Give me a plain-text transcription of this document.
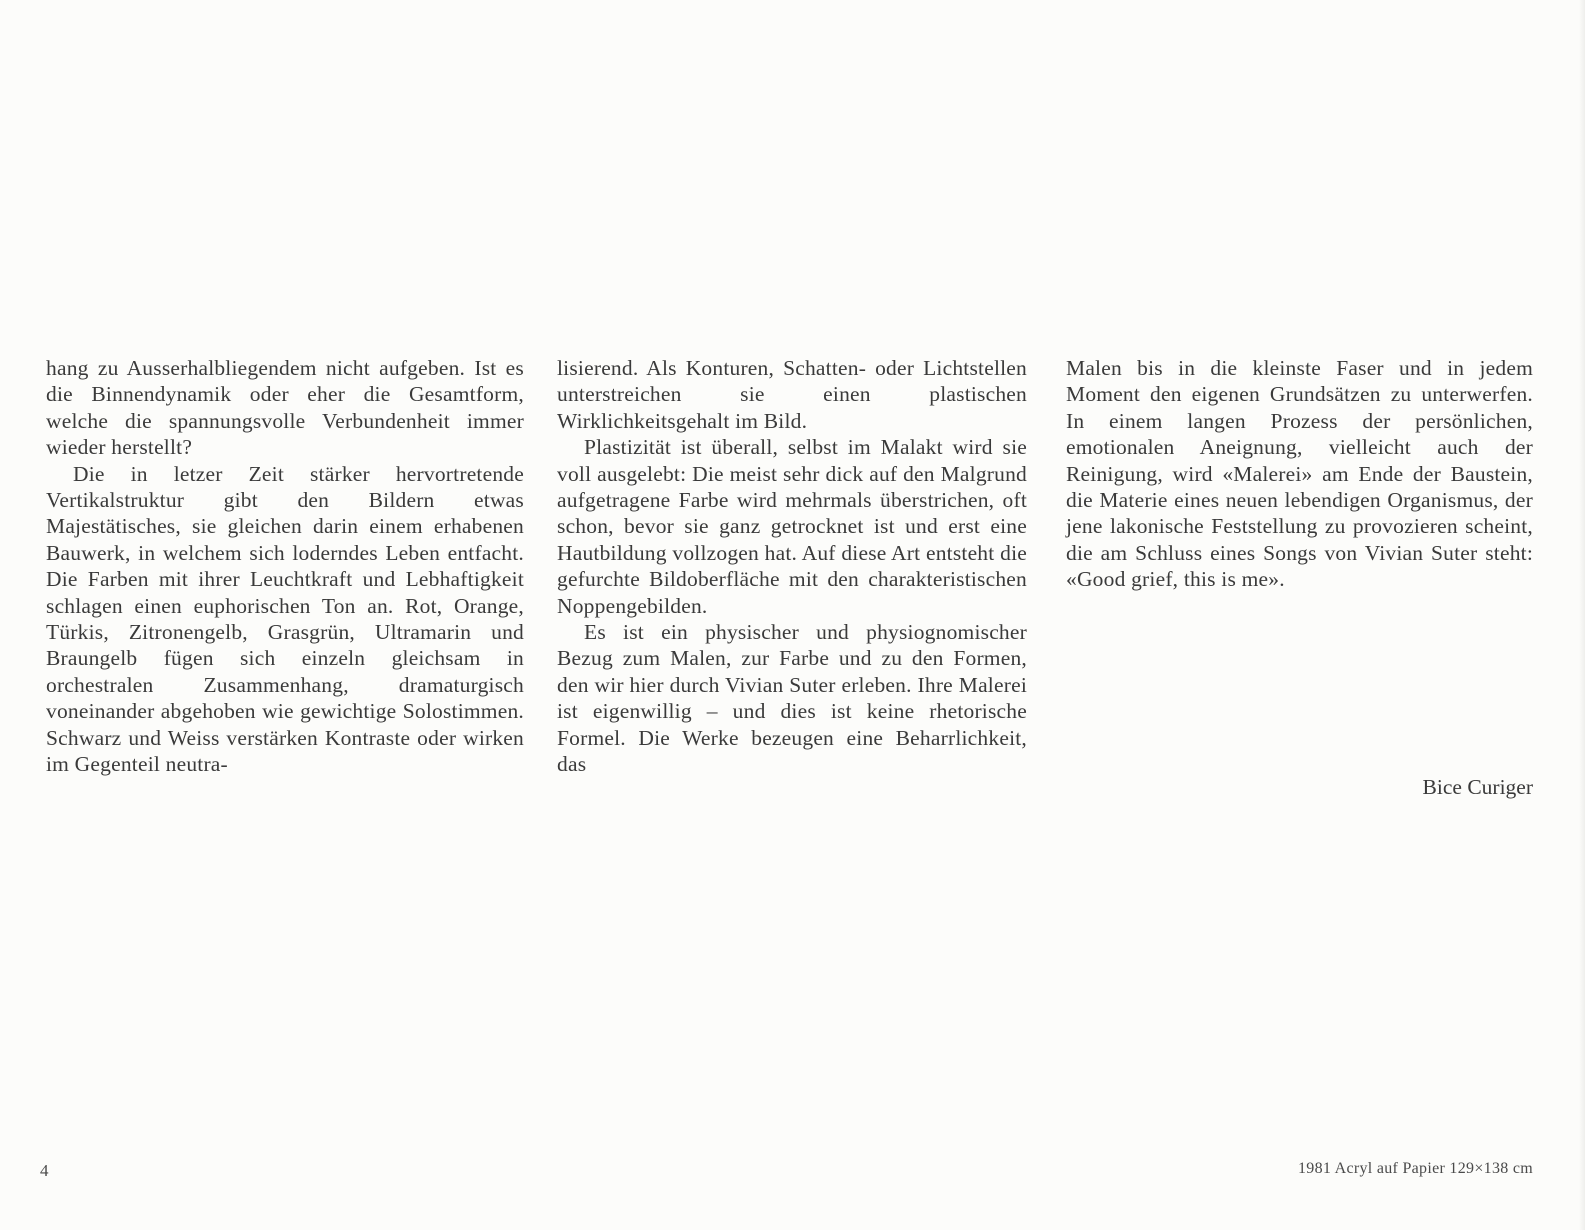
hang zu Ausserhalbliegendem nicht aufgeben. Ist es die Binnendynamik oder eher die Gesamtform, welche die spannungsvolle Verbundenheit immer wieder herstellt?

Die in letzer Zeit stärker hervortretende Vertikalstruktur gibt den Bildern etwas Majestätisches, sie gleichen darin einem erhabenen Bauwerk, in welchem sich loderndes Leben entfacht. Die Farben mit ihrer Leuchtkraft und Lebhaftigkeit schlagen einen euphorischen Ton an. Rot, Orange, Türkis, Zitronengelb, Grasgrün, Ultramarin und Braungelb fügen sich einzeln gleichsam in orchestralen Zusammenhang, dramaturgisch voneinander abgehoben wie gewichtige Solostimmen. Schwarz und Weiss verstärken Kontraste oder wirken im Gegenteil neutra-

lisierend. Als Konturen, Schatten- oder Lichtstellen unterstreichen sie einen plastischen Wirklichkeitsgehalt im Bild.

Plastizität ist überall, selbst im Malakt wird sie voll ausgelebt: Die meist sehr dick auf den Malgrund aufgetragene Farbe wird mehrmals überstrichen, oft schon, bevor sie ganz getrocknet ist und erst eine Hautbildung vollzogen hat. Auf diese Art entsteht die gefurchte Bildoberfläche mit den charakteristischen Noppengebilden.

Es ist ein physischer und physiognomischer Bezug zum Malen, zur Farbe und zu den Formen, den wir hier durch Vivian Suter erleben. Ihre Malerei ist eigenwillig – und dies ist keine rhetorische Formel. Die Werke bezeugen eine Beharrlichkeit, das

Malen bis in die kleinste Faser und in jedem Moment den eigenen Grundsätzen zu unterwerfen. In einem langen Prozess der persönlichen, emotionalen Aneignung, vielleicht auch der Reinigung, wird «Malerei» am Ende der Baustein, die Materie eines neuen lebendigen Organismus, der jene lakonische Feststellung zu provozieren scheint, die am Schluss eines Songs von Vivian Suter steht: «Good grief, this is me».

Bice Curiger
4	1981 Acryl auf Papier 129×138 cm
